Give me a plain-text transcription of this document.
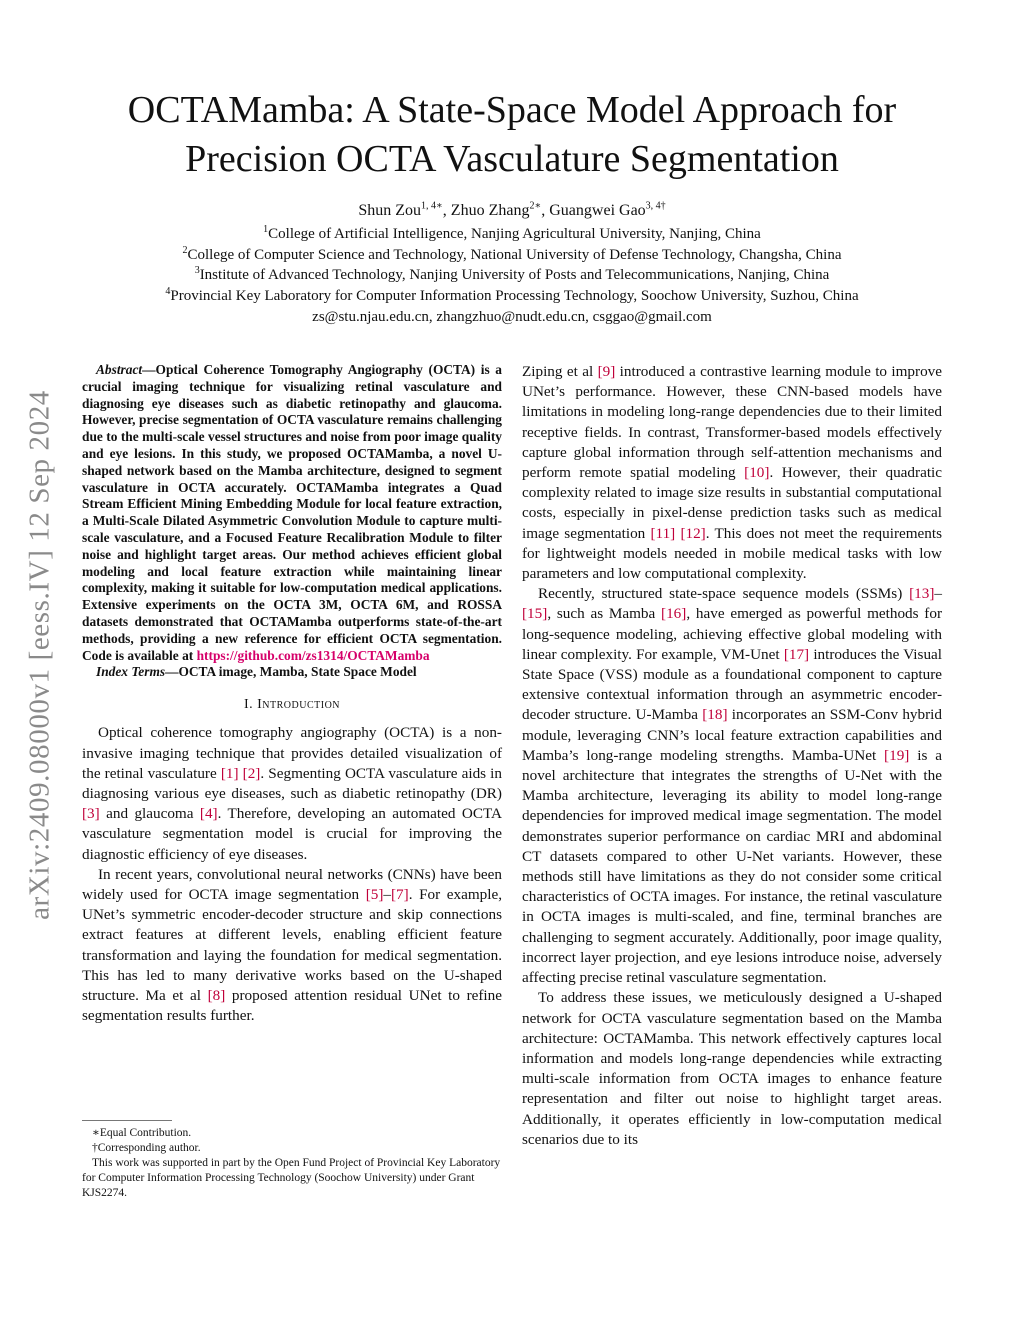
arXiv:2409.08000v1 [eess.IV] 12 Sep 2024
OCTAMamba: A State-Space Model Approach for
Precision OCTA Vasculature Segmentation
Shun Zou$^{1, 4∗}$, Zhuo Zhang$^{2∗}$, Guangwei Gao$^{3, 4\dagger}$
$^1$College of Artificial Intelligence, Nanjing Agricultural University, Nanjing, China
$^2$College of Computer Science and Technology, National University of Defense Technology, Changsha, China
$^3$Institute of Advanced Technology, Nanjing University of Posts and Telecommunications, Nanjing, China
$^4$Provincial Key Laboratory for Computer Information Processing Technology, Soochow University, Suzhou, China
zs@stu.njau.edu.cn, zhangzhuo@nudt.edu.cn, csggao@gmail.com

Abstract—Optical Coherence Tomography Angiography (OCTA) is a crucial imaging technique for visualizing retinal vasculature and diagnosing eye diseases such as diabetic retinopathy and glaucoma. However, precise segmentation of OCTA vasculature remains challenging due to the multi-scale vessel structures and noise from poor image quality and eye lesions. In this study, we proposed OCTAMamba, a novel U-shaped network based on the Mamba architecture, designed to segment vasculature in OCTA accurately. OCTAMamba integrates a Quad Stream Efficient Mining Embedding Module for local feature extraction, a Multi-Scale Dilated Asymmetric Convolution Module to capture multi-scale vasculature, and a Focused Feature Recalibration Module to filter noise and highlight target areas. Our method achieves efficient global modeling and local feature extraction while maintaining linear complexity, making it suitable for low-computation medical applications. Extensive experiments on the OCTA 3M, OCTA 6M, and ROSSA datasets demonstrated that OCTAMamba outperforms state-of-the-art methods, providing a new reference for efficient OCTA segmentation. Code is available at https://github.com/zs1314/OCTAMamba

Index Terms—OCTA image, Mamba, State Space Model

I. Introduction

Optical coherence tomography angiography (OCTA) is a non-invasive imaging technique that provides detailed visualization of the retinal vasculature [1] [2]. Segmenting OCTA vasculature aids in diagnosing various eye diseases, such as diabetic retinopathy (DR) [3] and glaucoma [4]. Therefore, developing an automated OCTA vasculature segmentation model is crucial for improving the diagnostic efficiency of eye diseases.

In recent years, convolutional neural networks (CNNs) have been widely used for OCTA image segmentation [5]–[7]. For example, UNet’s symmetric encoder-decoder structure and skip connections extract features at different levels, enabling efficient feature transformation and laying the foundation for medical segmentation. This has led to many derivative works based on the U-shaped structure. Ma et al [8] proposed attention residual UNet to refine segmentation results further.

∗Equal Contribution.
†Corresponding author.
This work was supported in part by the Open Fund Project of Provincial Key Laboratory for Computer Information Processing Technology (Soochow University) under Grant KJS2274.

Ziping et al [9] introduced a contrastive learning module to improve UNet’s performance. However, these CNN-based models have limitations in modeling long-range dependencies due to their limited receptive fields. In contrast, Transformer-based models effectively capture global information through self-attention mechanisms and perform remote spatial modeling [10]. However, their quadratic complexity related to image size results in substantial computational costs, especially in pixel-dense prediction tasks such as medical image segmentation [11] [12]. This does not meet the requirements for lightweight models needed in mobile medical tasks with low parameters and low computational complexity.

Recently, structured state-space sequence models (SSMs) [13]–[15], such as Mamba [16], have emerged as powerful methods for long-sequence modeling, achieving effective global modeling with linear complexity. For example, VM-Unet [17] introduces the Visual State Space (VSS) module as a foundational component to capture extensive contextual information through an asymmetric encoder-decoder structure. U-Mamba [18] incorporates an SSM-Conv hybrid module, leveraging CNN’s local feature extraction capabilities and Mamba’s long-range modeling strengths. Mamba-UNet [19] is a novel architecture that integrates the strengths of U-Net with the Mamba architecture, leveraging its ability to model long-range dependencies for improved medical image segmentation. The model demonstrates superior performance on cardiac MRI and abdominal CT datasets compared to other U-Net variants. However, these methods still have limitations as they do not consider some critical characteristics of OCTA images. For instance, the retinal vasculature in OCTA images is multi-scaled, and fine, terminal branches are challenging to segment accurately. Additionally, poor image quality, incorrect layer projection, and eye lesions introduce noise, adversely affecting precise retinal vasculature segmentation.

To address these issues, we meticulously designed a U-shaped network for OCTA vasculature segmentation based on the Mamba architecture: OCTAMamba. This network effectively captures local information and models long-range dependencies while extracting multi-scale information from OCTA images to enhance feature representation and filter out noise to highlight target areas. Additionally, it operates efficiently in low-computation medical scenarios due to its
